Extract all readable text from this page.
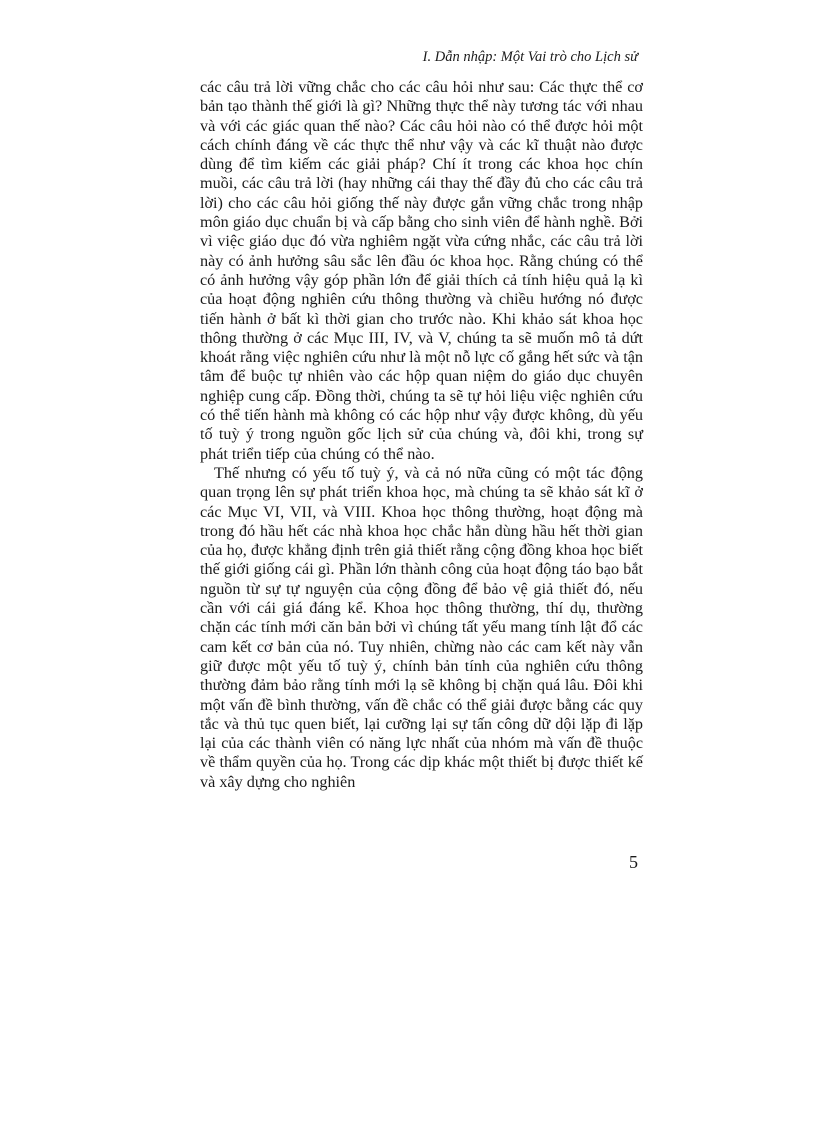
I. Dẫn nhập: Một Vai trò cho Lịch sử

các câu trả lời vững chắc cho các câu hỏi như sau: Các thực thể cơ bản tạo thành thế giới là gì? Những thực thể này tương tác với nhau và với các giác quan thế nào? Các câu hỏi nào có thể được hỏi một cách chính đáng về các thực thể như vậy và các kĩ thuật nào được dùng để tìm kiếm các giải pháp? Chí ít trong các khoa học chín muồi, các câu trả lời (hay những cái thay thế đầy đủ cho các câu trả lời) cho các câu hỏi giống thế này được gắn vững chắc trong nhập môn giáo dục chuẩn bị và cấp bằng cho sinh viên để hành nghề. Bởi vì việc giáo dục đó vừa nghiêm ngặt vừa cứng nhắc, các câu trả lời này có ảnh hưởng sâu sắc lên đầu óc khoa học. Rằng chúng có thể có ảnh hưởng vậy góp phần lớn để giải thích cả tính hiệu quả lạ kì của hoạt động nghiên cứu thông thường và chiều hướng nó được tiến hành ở bất kì thời gian cho trước nào. Khi khảo sát khoa học thông thường ở các Mục III, IV, và V, chúng ta sẽ muốn mô tả dứt khoát rằng việc nghiên cứu như là một nỗ lực cố gắng hết sức và tận tâm để buộc tự nhiên vào các hộp quan niệm do giáo dục chuyên nghiệp cung cấp. Đồng thời, chúng ta sẽ tự hỏi liệu việc nghiên cứu có thể tiến hành mà không có các hộp như vậy được không, dù yếu tố tuỳ ý trong nguồn gốc lịch sử của chúng và, đôi khi, trong sự phát triển tiếp của chúng có thể nào.

Thế nhưng có yếu tố tuỳ ý, và cả nó nữa cũng có một tác động quan trọng lên sự phát triển khoa học, mà chúng ta sẽ khảo sát kĩ ở các Mục VI, VII, và VIII. Khoa học thông thường, hoạt động mà trong đó hầu hết các nhà khoa học chắc hẳn dùng hầu hết thời gian của họ, được khẳng định trên giả thiết rằng cộng đồng khoa học biết thế giới giống cái gì. Phần lớn thành công của hoạt động táo bạo bắt nguồn từ sự tự nguyện của cộng đồng để bảo vệ giả thiết đó, nếu cần với cái giá đáng kể. Khoa học thông thường, thí dụ, thường chặn các tính mới căn bản bởi vì chúng tất yếu mang tính lật đổ các cam kết cơ bản của nó. Tuy nhiên, chừng nào các cam kết này vẫn giữ được một yếu tố tuỳ ý, chính bản tính của nghiên cứu thông thường đảm bảo rằng tính mới lạ sẽ không bị chặn quá lâu. Đôi khi một vấn đề bình thường, vấn đề chắc có thể giải được bằng các quy tắc và thủ tục quen biết, lại cưỡng lại sự tấn công dữ dội lặp đi lặp lại của các thành viên có năng lực nhất của nhóm mà vấn đề thuộc về thẩm quyền của họ. Trong các dịp khác một thiết bị được thiết kế và xây dựng cho nghiên

5
